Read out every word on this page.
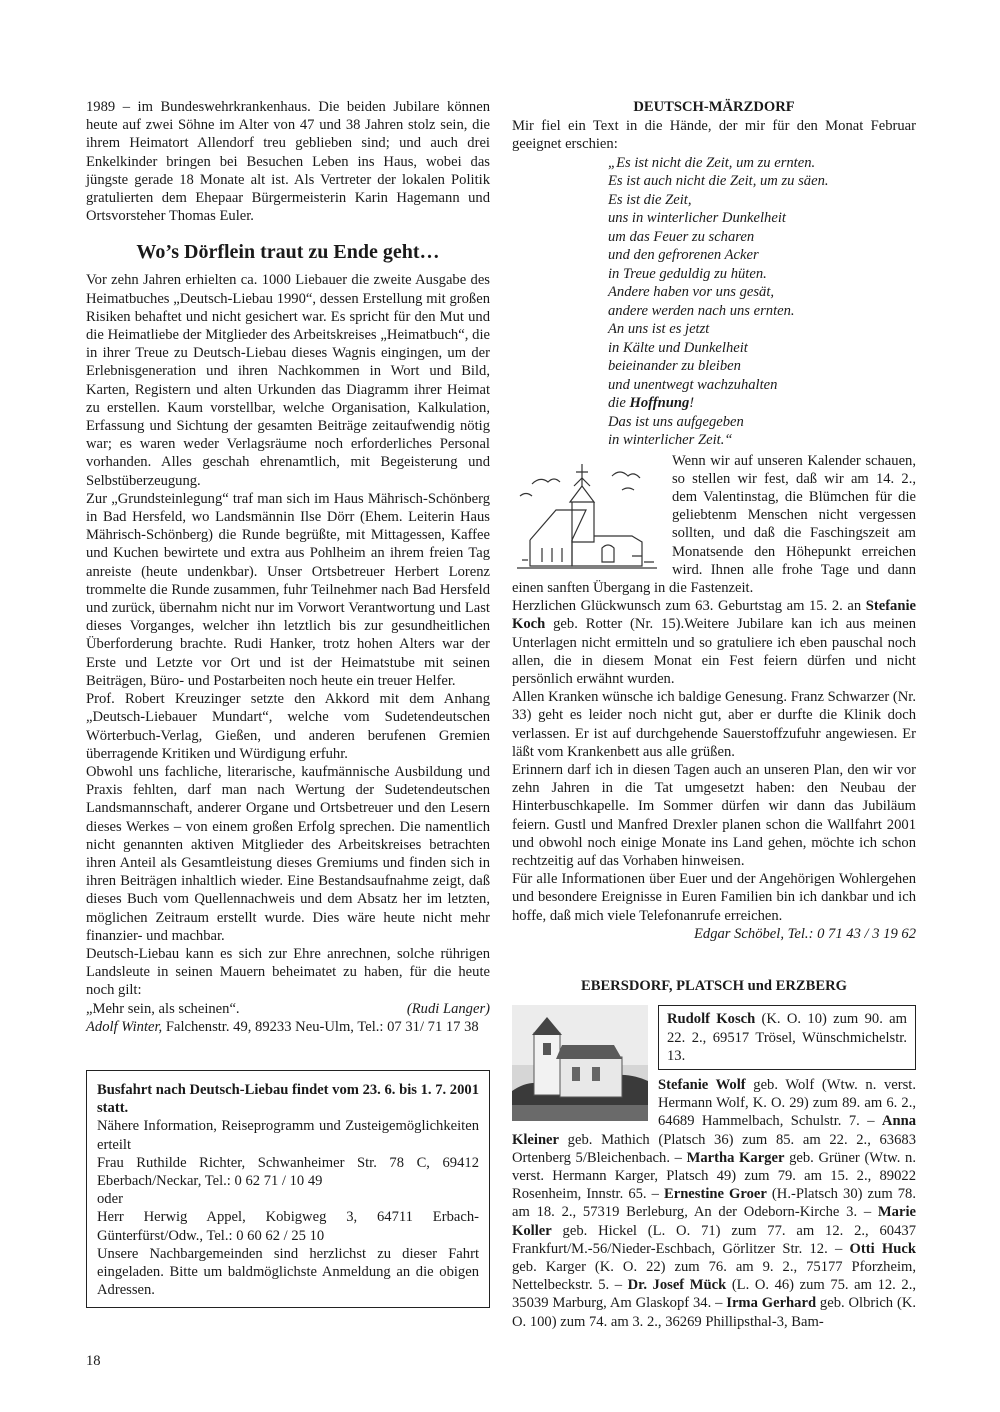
1989 – im Bundeswehrkrankenhaus. Die beiden Jubilare können heute auf zwei Söhne im Alter von 47 und 38 Jahren stolz sein, die ihrem Heimatort Allendorf treu geblieben sind; und auch drei Enkelkinder bringen bei Besuchen Leben ins Haus, wobei das jüngste gerade 18 Monate alt ist. Als Vertreter der lokalen Politik gratulierten dem Ehepaar Bürgermeisterin Karin Hagemann und Ortsvorsteher Thomas Euler.

Wo’s Dörflein traut zu Ende geht…

Vor zehn Jahren erhielten ca. 1000 Liebauer die zweite Ausgabe des Heimatbuches „Deutsch-Liebau 1990“, dessen Erstellung mit großen Risiken behaftet und nicht gesichert war. Es spricht für den Mut und die Heimatliebe der Mitglieder des Arbeitskreises „Heimatbuch“, die in ihrer Treue zu Deutsch-Liebau dieses Wagnis eingingen, um der Erlebnisgeneration und ihren Nachkommen in Wort und Bild, Karten, Registern und alten Urkunden das Diagramm ihrer Heimat zu erstellen. Kaum vorstellbar, welche Organisation, Kalkulation, Erfassung und Sichtung der gesamten Beiträge zeitaufwendig nötig war; es waren weder Verlagsräume noch erforderliches Personal vorhanden. Alles geschah ehrenamtlich, mit Begeisterung und Selbstüberzeugung.

Zur „Grundsteinlegung“ traf man sich im Haus Mährisch-Schönberg in Bad Hersfeld, wo Landsmännin Ilse Dörr (Ehem. Leiterin Haus Mährisch-Schönberg) die Runde begrüßte, mit Mittagessen, Kaffee und Kuchen bewirtete und extra aus Pohlheim an ihrem freien Tag anreiste (heute undenkbar). Unser Ortsbetreuer Herbert Lorenz trommelte die Runde zusammen, fuhr Teilnehmer nach Bad Hersfeld und zurück, übernahm nicht nur im Vorwort Verantwortung und Last dieses Vorganges, welcher ihn letztlich bis zur gesundheitlichen Überforderung brachte. Rudi Hanker, trotz hohen Alters war der Erste und Letzte vor Ort und ist der Heimatstube mit seinen Beiträgen, Büro- und Postarbeiten noch heute ein treuer Helfer.

Prof. Robert Kreuzinger setzte den Akkord mit dem Anhang „Deutsch-Liebauer Mundart“, welche vom Sudetendeutschen Wörterbuch-Verlag, Gießen, und anderen berufenen Gremien überragende Kritiken und Würdigung erfuhr.

Obwohl uns fachliche, literarische, kaufmännische Ausbildung und Praxis fehlten, darf man nach Wertung der Sudetendeutschen Landsmannschaft, anderer Organe und Ortsbetreuer und den Lesern dieses Werkes – von einem großen Erfolg sprechen. Die namentlich nicht genannten aktiven Mitglieder des Arbeitskreises betrachten ihren Anteil als Gesamtleistung dieses Gremiums und finden sich in ihren Beiträgen inhaltlich wieder. Eine Bestandsaufnahme zeigt, daß dieses Buch vom Quellennachweis und dem Absatz her im letzten, möglichen Zeitraum erstellt wurde. Dies wäre heute nicht mehr finanzier- und machbar.

Deutsch-Liebau kann es sich zur Ehre anrechnen, solche rührigen Landsleute in seinen Mauern beheimatet zu haben, für die heute noch gilt:

„Mehr sein, als scheinen“.	(Rudi Langer)

Adolf Winter, Falchenstr. 49, 89233 Neu-Ulm, Tel.: 07 31/ 71 17 38

Busfahrt nach Deutsch-Liebau findet vom 23. 6. bis 1. 7. 2001 statt.

Nähere Information, Reiseprogramm und Zusteigemöglichkeiten erteilt

Frau Ruthilde Richter, Schwanheimer Str. 78 C, 69412 Eberbach/Neckar, Tel.: 0 62 71 / 10 49

oder

Herr Herwig Appel, Kobigweg 3, 64711 Erbach-Günterfürst/Odw., Tel.: 0 60 62 / 25 10

Unsere Nachbargemeinden sind herzlichst zu dieser Fahrt eingeladen. Bitte um baldmöglichste Anmeldung an die obigen Adressen.

DEUTSCH-MÄRZDORF

Mir fiel ein Text in die Hände, der mir für den Monat Februar geeignet erschien:

„Es ist nicht die Zeit, um zu ernten.
Es ist auch nicht die Zeit, um zu säen.
Es ist die Zeit,
uns in winterlicher Dunkelheit
um das Feuer zu scharen
und den gefrorenen Acker
in Treue geduldig zu hüten.
Andere haben vor uns gesät,
andere werden nach uns ernten.
An uns ist es jetzt
in Kälte und Dunkelheit
beieinander zu bleiben
und unentwegt wachzuhalten
die Hoffnung!
Das ist uns aufgegeben
in winterlicher Zeit.“

Wenn wir auf unseren Kalender schauen, so stellen wir fest, daß wir am 14. 2., dem Valentinstag, die Blümchen für die geliebtenm Menschen nicht vergessen sollten, und daß die Faschingszeit am Monatsende den Höhepunkt erreichen wird. Ihnen alle frohe Tage und dann einen sanften Übergang in die Fastenzeit.

Herzlichen Glückwunsch zum 63. Geburtstag am 15. 2. an Stefanie Koch geb. Rotter (Nr. 15).Weitere Jubilare kan ich aus meinen Unterlagen nicht ermitteln und so gratuliere ich eben pauschal noch allen, die in diesem Monat ein Fest feiern dürfen und nicht persönlich erwähnt wurden.

Allen Kranken wünsche ich baldige Genesung. Franz Schwarzer (Nr. 33) geht es leider noch nicht gut, aber er durfte die Klinik doch verlassen. Er ist auf durchgehende Sauerstoffzufuhr angewiesen. Er läßt vom Krankenbett aus alle grüßen.

Erinnern darf ich in diesen Tagen auch an unseren Plan, den wir vor zehn Jahren in die Tat umgesetzt haben: den Neubau der Hinterbuschkapelle. Im Sommer dürfen wir dann das Jubiläum feiern. Gustl und Manfred Drexler planen schon die Wallfahrt 2001 und obwohl noch einige Monate ins Land gehen, möchte ich schon rechtzeitig auf das Vorhaben hinweisen.

Für alle Informationen über Euer und der Angehörigen Wohlergehen und besondere Ereignisse in Euren Familien bin ich dankbar und ich hoffe, daß mich viele Telefonanrufe erreichen.

Edgar Schöbel, Tel.: 0 71 43 / 3 19 62

EBERSDORF, PLATSCH und ERZBERG

Rudolf Kosch (K. O. 10) zum 90. am 22. 2., 69517 Trösel, Wünschmichelstr. 13.

Stefanie Wolf geb. Wolf (Wtw. n. verst. Hermann Wolf, K. O. 29) zum 89. am 6. 2., 64689 Hammelbach, Schulstr. 7. – Anna Kleiner geb. Mathich (Platsch 36) zum 85. am 22. 2., 63683 Ortenberg 5/Bleichenbach. – Martha Karger geb. Grüner (Wtw. n. verst. Hermann Karger, Platsch 49) zum 79. am 15. 2., 89022 Rosenheim, Innstr. 65. – Ernestine Groer (H.-Platsch 30) zum 78. am 18. 2., 57319 Berleburg, An der Odeborn-Kirche 3. – Marie Koller geb. Hickel (L. O. 71) zum 77. am 12. 2., 60437 Frankfurt/M.-56/Nieder-Eschbach, Görlitzer Str. 12. – Otti Huck geb. Karger (K. O. 22) zum 76. am 9. 2., 75177 Pforzheim, Nettelbeckstr. 5. – Dr. Josef Mück (L. O. 46) zum 75. am 12. 2., 35039 Marburg, Am Glaskopf 34. – Irma Gerhard geb. Olbrich (K. O. 100) zum 74. am 3. 2., 36269 Phillipsthal-3, Bam-

18
